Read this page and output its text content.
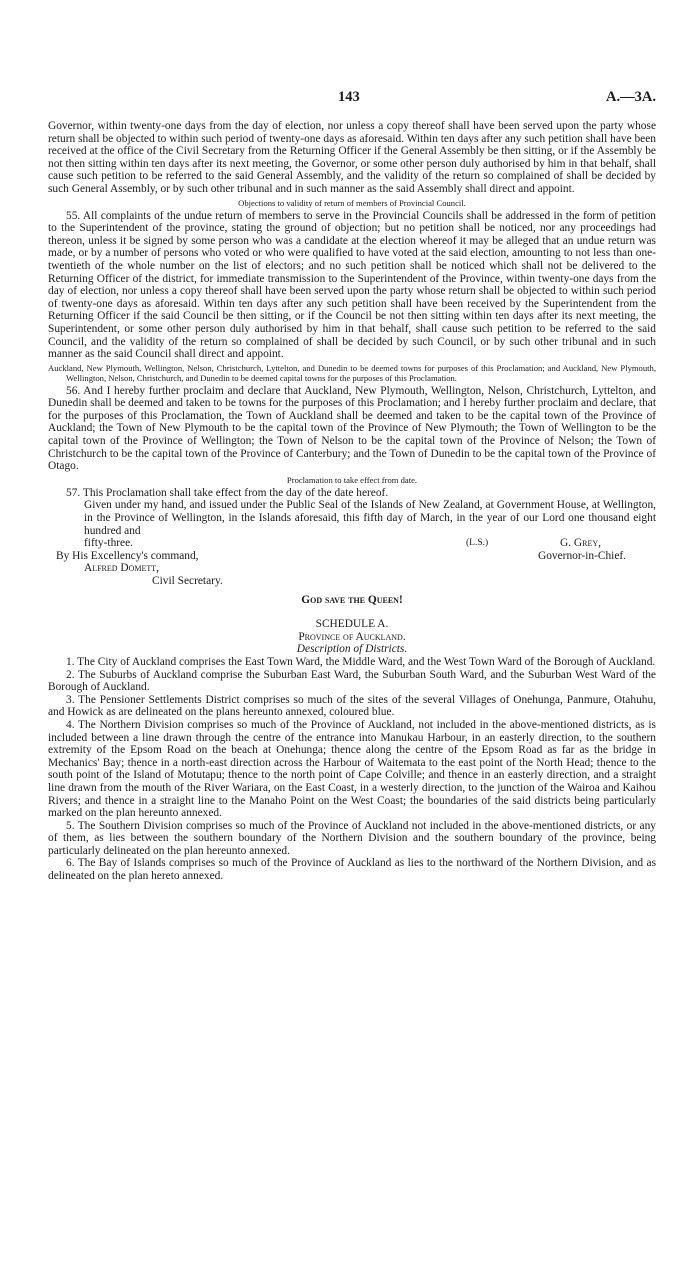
143	A.—3A.

Governor, within twenty-one days from the day of election, nor unless a copy thereof shall have been served upon the party whose return shall be objected to within such period of twenty-one days as aforesaid. Within ten days after any such petition shall have been received at the office of the Civil Secretary from the Returning Officer if the General Assembly be then sitting, or if the Assembly be not then sitting within ten days after its next meeting, the Governor, or some other person duly authorised by him in that behalf, shall cause such petition to be referred to the said General Assembly, and the validity of the return so complained of shall be decided by such General Assembly, or by such other tribunal and in such manner as the said Assembly shall direct and appoint.

Objections to validity of return of members of Provincial Council.

55. All complaints of the undue return of members to serve in the Provincial Councils shall be addressed in the form of petition to the Superintendent of the province, stating the ground of objection; but no petition shall be noticed, nor any proceedings had thereon, unless it be signed by some person who was a candidate at the election whereof it may be alleged that an undue return was made, or by a number of persons who voted or who were qualified to have voted at the said election, amounting to not less than one-twentieth of the whole number on the list of electors; and no such petition shall be noticed which shall not be delivered to the Returning Officer of the district, for immediate transmission to the Superintendent of the Province, within twenty-one days from the day of election, nor unless a copy thereof shall have been served upon the party whose return shall be objected to within such period of twenty-one days as aforesaid. Within ten days after any such petition shall have been received by the Superintendent from the Returning Officer if the said Council be then sitting, or if the Council be not then sitting within ten days after its next meeting, the Superintendent, or some other person duly authorised by him in that behalf, shall cause such petition to be referred to the said Council, and the validity of the return so complained of shall be decided by such Council, or by such other tribunal and in such manner as the said Council shall direct and appoint.

Auckland, New Plymouth, Wellington, Nelson, Christchurch, Lyttelton, and Dunedin to be deemed towns for purposes of this Proclamation; and Auckland, New Plymouth, Wellington, Nelson, Christchurch, and Dunedin to be deemed capital towns for the purposes of this Proclamation.

56. And I hereby further proclaim and declare that Auckland, New Plymouth, Wellington, Nelson, Christchurch, Lyttelton, and Dunedin shall be deemed and taken to be towns for the purposes of this Proclamation; and I hereby further proclaim and declare, that for the purposes of this Proclamation, the Town of Auckland shall be deemed and taken to be the capital town of the Province of Auckland; the Town of New Plymouth to be the capital town of the Province of New Plymouth; the Town of Wellington to be the capital town of the Province of Wellington; the Town of Nelson to be the capital town of the Province of Nelson; the Town of Christchurch to be the capital town of the Province of Canterbury; and the Town of Dunedin to be the capital town of the Province of Otago.

Proclamation to take effect from date.

57. This Proclamation shall take effect from the day of the date hereof.

Given under my hand, and issued under the Public Seal of the Islands of New Zealand, at Government House, at Wellington, in the Province of Wellington, in the Islands aforesaid, this fifth day of March, in the year of our Lord one thousand eight hundred and
fifty-three.	(L.S.)	G. Grey,
By His Excellency's command,	Governor-in-Chief.
Alfred Domett,
Civil Secretary.

God save the Queen!

SCHEDULE A.

Province of Auckland.

Description of Districts.

1. The City of Auckland comprises the East Town Ward, the Middle Ward, and the West Town Ward of the Borough of Auckland.

2. The Suburbs of Auckland comprise the Suburban East Ward, the Suburban South Ward, and the Suburban West Ward of the Borough of Auckland.

3. The Pensioner Settlements District comprises so much of the sites of the several Villages of Onehunga, Panmure, Otahuhu, and Howick as are delineated on the plans hereunto annexed, coloured blue.

4. The Northern Division comprises so much of the Province of Auckland, not included in the above-mentioned districts, as is included between a line drawn through the centre of the entrance into Manukau Harbour, in an easterly direction, to the southern extremity of the Epsom Road on the beach at Onehunga; thence along the centre of the Epsom Road as far as the bridge in Mechanics' Bay; thence in a north-east direction across the Harbour of Waitemata to the east point of the North Head; thence to the south point of the Island of Motutapu; thence to the north point of Cape Colville; and thence in an easterly direction, and a straight line drawn from the mouth of the River Wariara, on the East Coast, in a westerly direction, to the junction of the Wairoa and Kaihou Rivers; and thence in a straight line to the Manaho Point on the West Coast; the boundaries of the said districts being particularly marked on the plan hereunto annexed.

5. The Southern Division comprises so much of the Province of Auckland not included in the above-mentioned districts, or any of them, as lies between the southern boundary of the Northern Division and the southern boundary of the province, being particularly delineated on the plan hereunto annexed.

6. The Bay of Islands comprises so much of the Province of Auckland as lies to the northward of the Northern Division, and as delineated on the plan hereto annexed.
